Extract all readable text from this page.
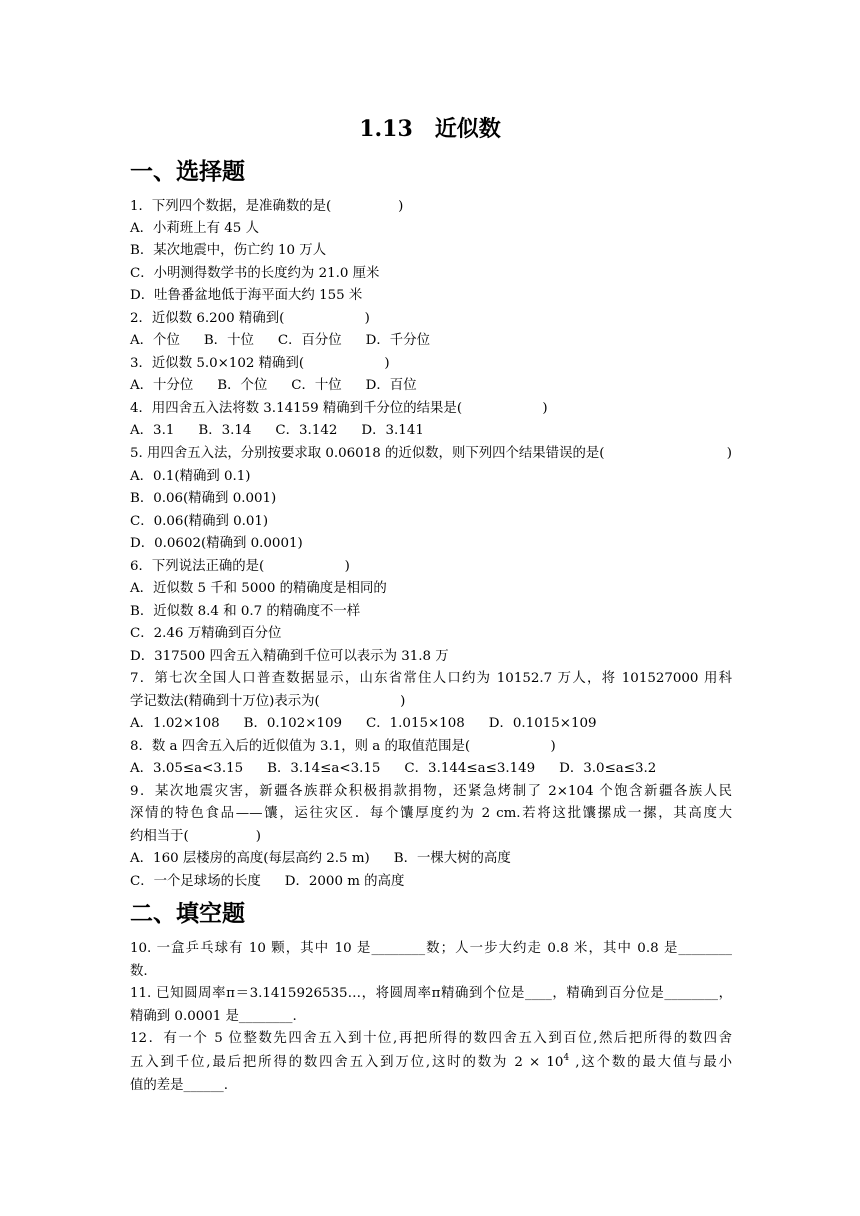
1.13　近似数
一、选择题
1．下列四个数据，是准确数的是(　　　　　)
A．小莉班上有 45 人
B．某次地震中，伤亡约 10 万人
C．小明测得数学书的长度约为 21.0 厘米
D．吐鲁番盆地低于海平面大约 155 米
2．近似数 6.200 精确到(　　　　　　)
A．个位 B．十位 C．百分位 D．千分位
3．近似数 5.0×102 精确到(　　　　　　)
A．十分位 B．个位 C．十位 D．百位
4．用四舍五入法将数 3.14159 精确到千分位的结果是(　　　　　　)
A．3.1 B．3.14 C．3.142 D．3.141
5. 用四舍五入法，分别按要求取 0.06018 的近似数，则下列四个结果错误的是(	)
A．0.1(精确到 0.1)
B．0.06(精确到 0.001)
C．0.06(精确到 0.01)
D．0.0602(精确到 0.0001)
6．下列说法正确的是(　　　　　　)
A．近似数 5 千和 5000 的精确度是相同的
B．近似数 8.4 和 0.7 的精确度不一样
C．2.46 万精确到百分位
D．317500 四舍五入精确到千位可以表示为 31.8 万
7．第七次全国人口普查数据显示，山东省常住人口约为 10152.7 万人，将 101527000 用科
学记数法(精确到十万位)表示为(　　　　　　)
A．1.02×108 B．0.102×109 C．1.015×108 D．0.1015×109
8．数 a 四舍五入后的近似值为 3.1，则 a 的取值范围是(　　　　　　)
A．3.05≤a<3.15 B．3.14≤a<3.15 C．3.144≤a≤3.149 D．3.0≤a≤3.2
9．某次地震灾害，新疆各族群众积极捐款捐物，还紧急烤制了 2×104 个饱含新疆各族人民
深情的特色食品——馕，运往灾区．每个馕厚度约为 2 cm.若将这批馕摞成一摞，其高度大
约相当于(　　　　　)
A．160 层楼房的高度(每层高约 2.5 m) B．一棵大树的高度
C．一个足球场的长度 D．2000 m 的高度
二、填空题
10. 一盒乒乓球有 10 颗，其中 10 是________数；人一步大约走 0.8 米，其中 0.8 是________
数.
11. 已知圆周率π＝3.1415926535…，将圆周率π精确到个位是____，精确到百分位是________，
精确到 0.0001 是________.
12．有一个 5 位整数先四舍五入到十位,再把所得的数四舍五入到百位,然后把所得的数四舍
五入到千位,最后把所得的数四舍五入到万位,这时的数为 $2 \times 10^4$ ,这个数的最大值与最小
值的差是______.
